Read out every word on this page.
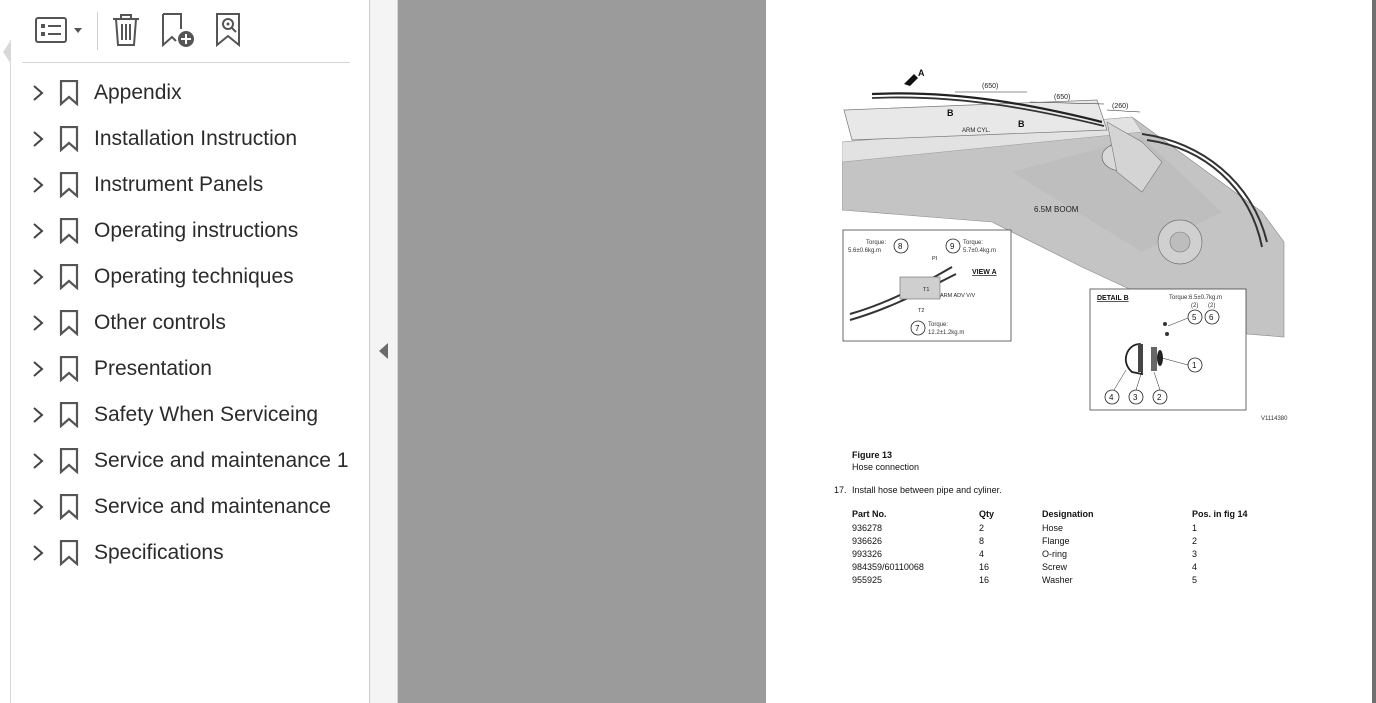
Appendix
Installation Instruction
Instrument Panels
Operating instructions
Operating techniques
Other controls
Presentation
Safety When Serviceing
Service and maintenance 1
Service and maintenance
Specifications
(650)
(650)
(260)
A
B
B
ARM CYL.
6.5M BOOM
8	9
7
Torque:
5.6±0.6kg.m
Torque:
5.7±0.4kg.m
Torque:
12.2±1.2kg.m
VIEW A
PI
T1
T2
ARM ADV V/V	DETAIL B	Torque:6.5±0.7kg.m
(2) (2)
5 6
1
4 3 2
V1114380
Figure 13
Hose connection
17. Install hose between pipe and cyliner.
Part No.	Qty	Designation	Pos. in fig 14
936278	2	Hose	1
936626	8	Flange	2
993326	4	O-ring	3
984359/60110068	16	Screw	4
955925	16	Washer	5
